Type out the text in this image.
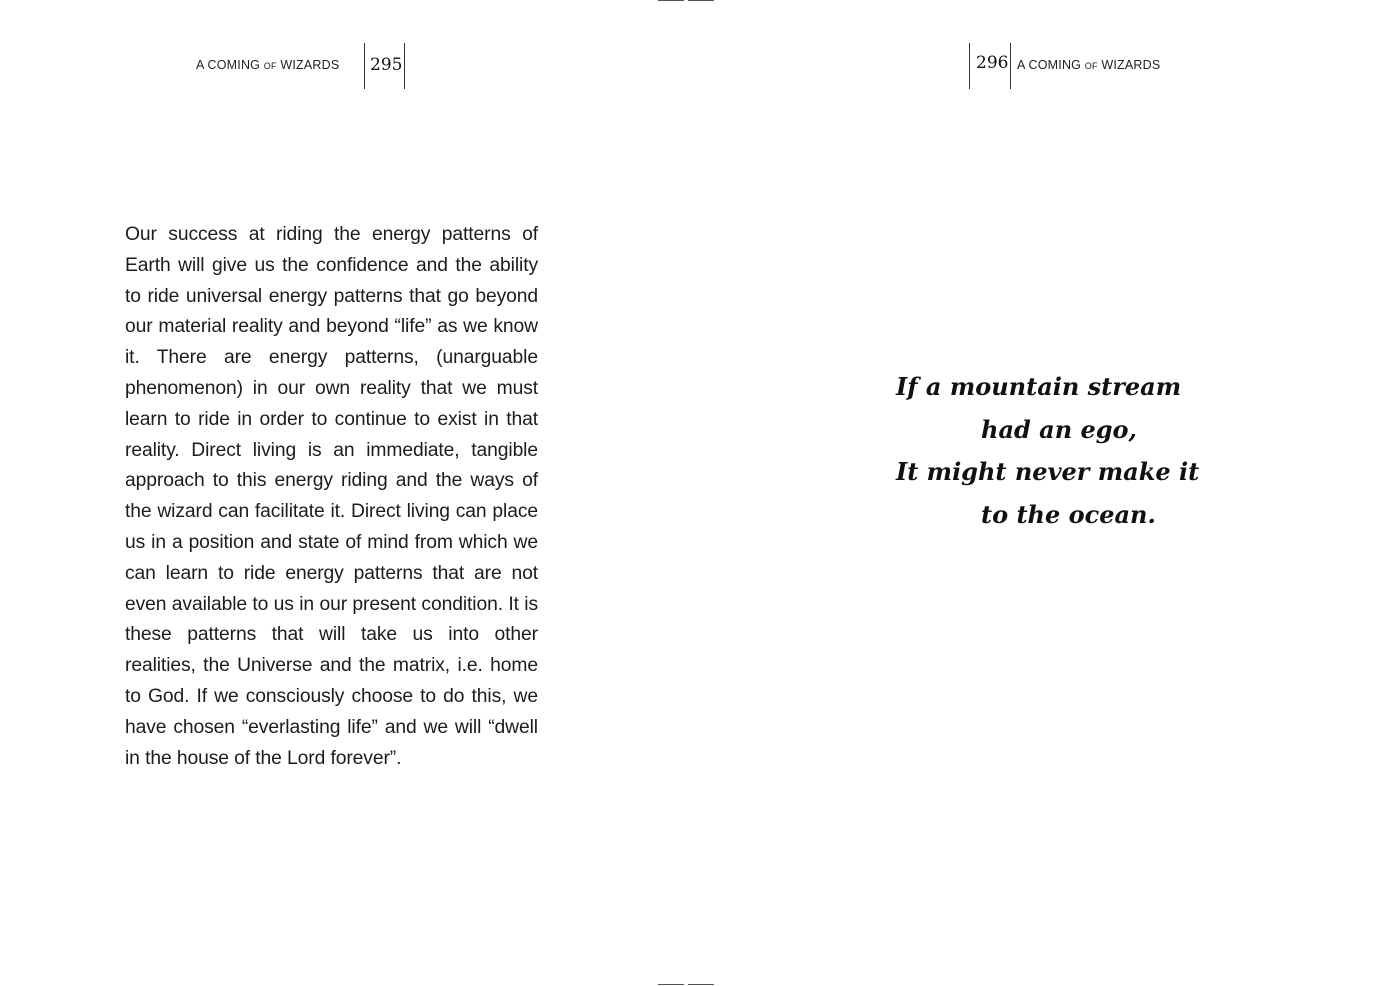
A COMING OF WIZARDS 295	296 A COMING OF WIZARDS

Our success at riding the energy patterns of Earth will give us the confidence and the ability to ride universal energy patterns that go beyond our material reality and beyond “life” as we know it. There are energy patterns, (unarguable phenomenon) in our own reality that we must learn to ride in order to continue to exist in that reality. Direct living is an immediate, tangible approach to this energy riding and the ways of the wizard can facilitate it. Direct living can place us in a position and state of mind from which we can learn to ride energy patterns that are not even available to us in our present condition. It is these patterns that will take us into other realities, the Universe and the matrix, i.e. home to God. If we consciously choose to do this, we have chosen “everlasting life” and we will “dwell in the house of the Lord forever”.

If a mountain stream
had an ego,
It might never make it
to the ocean.
